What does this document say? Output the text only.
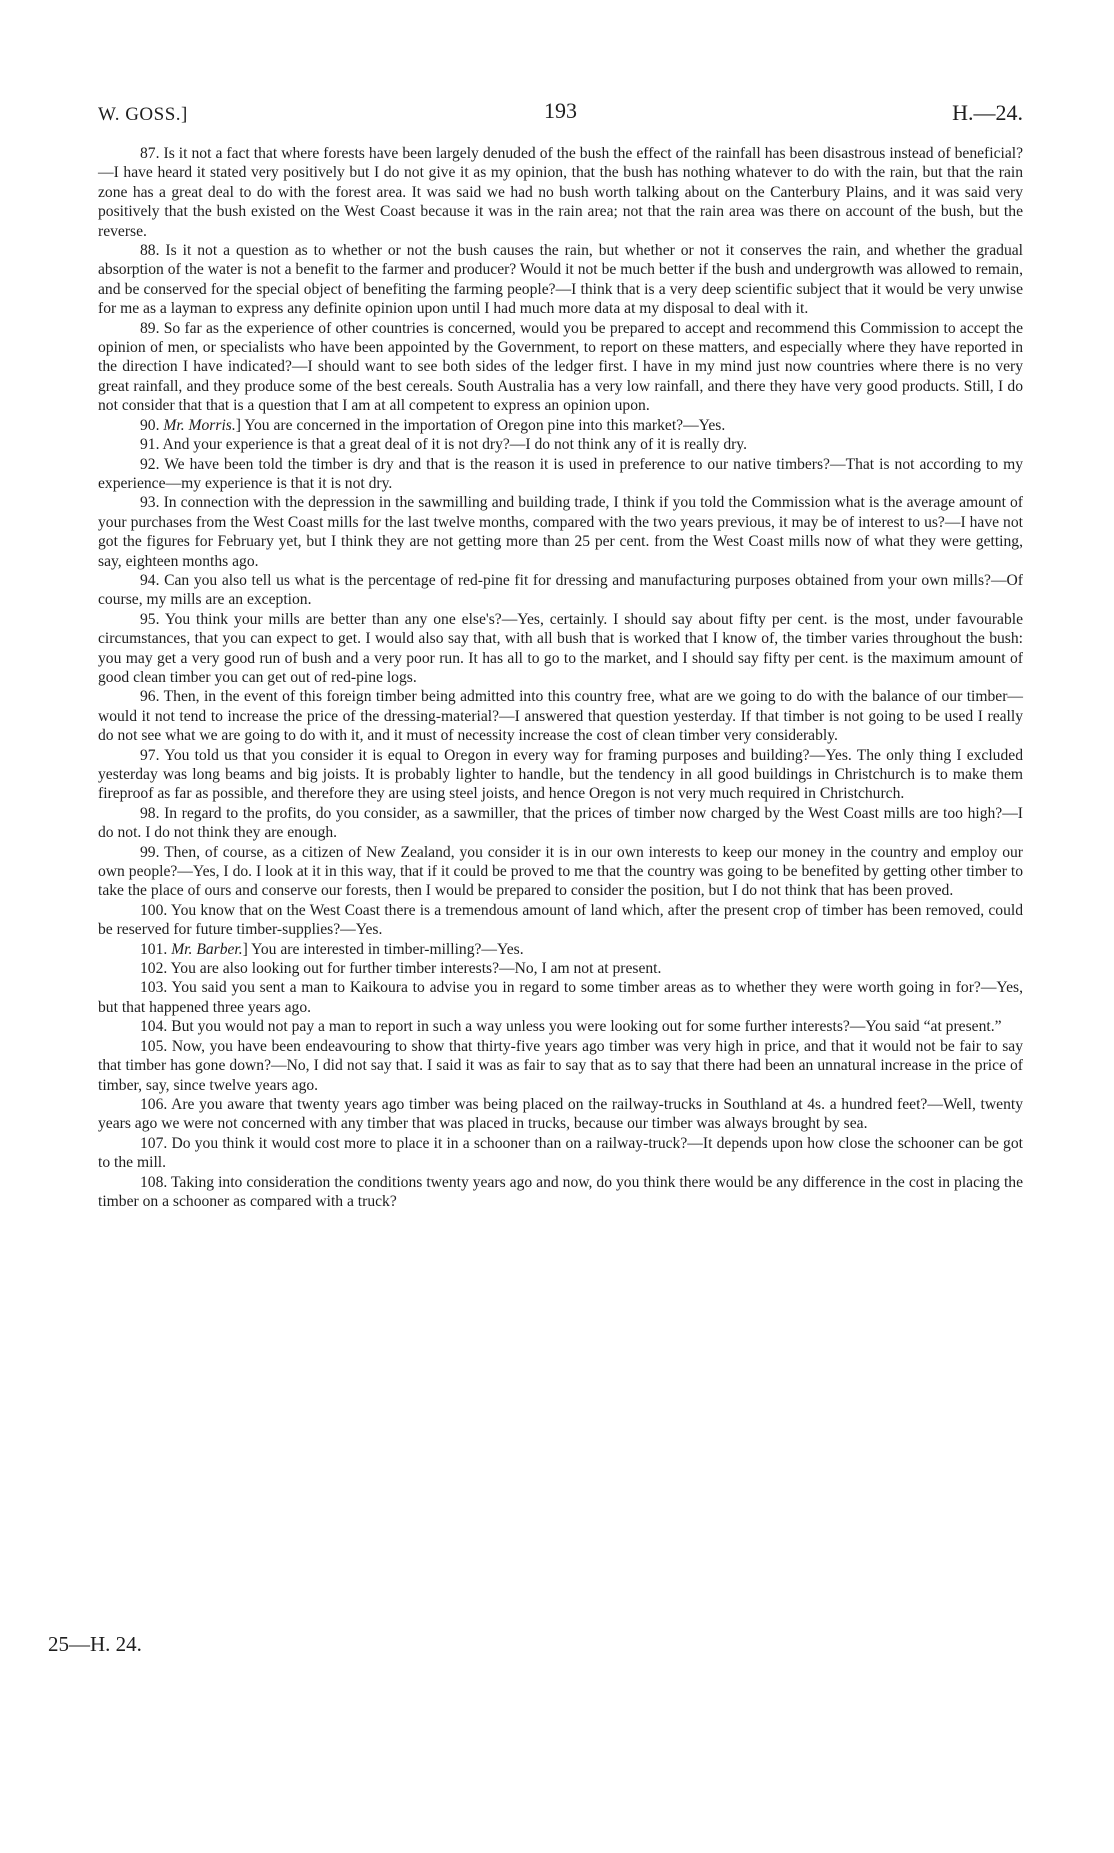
W. GOSS.]	193	H.—24.

87. Is it not a fact that where forests have been largely denuded of the bush the effect of the rainfall has been disastrous instead of beneficial?—I have heard it stated very positively but I do not give it as my opinion, that the bush has nothing whatever to do with the rain, but that the rain zone has a great deal to do with the forest area. It was said we had no bush worth talking about on the Canterbury Plains, and it was said very positively that the bush existed on the West Coast because it was in the rain area; not that the rain area was there on account of the bush, but the reverse.

88. Is it not a question as to whether or not the bush causes the rain, but whether or not it conserves the rain, and whether the gradual absorption of the water is not a benefit to the farmer and producer? Would it not be much better if the bush and undergrowth was allowed to remain, and be conserved for the special object of benefiting the farming people?—I think that is a very deep scientific subject that it would be very unwise for me as a layman to express any definite opinion upon until I had much more data at my disposal to deal with it.

89. So far as the experience of other countries is concerned, would you be prepared to accept and recommend this Commission to accept the opinion of men, or specialists who have been appointed by the Government, to report on these matters, and especially where they have reported in the direction I have indicated?—I should want to see both sides of the ledger first. I have in my mind just now countries where there is no very great rainfall, and they produce some of the best cereals. South Australia has a very low rainfall, and there they have very good products. Still, I do not consider that that is a question that I am at all competent to express an opinion upon.

90. Mr. Morris.] You are concerned in the importation of Oregon pine into this market?—Yes.

91. And your experience is that a great deal of it is not dry?—I do not think any of it is really dry.

92. We have been told the timber is dry and that is the reason it is used in preference to our native timbers?—That is not according to my experience—my experience is that it is not dry.

93. In connection with the depression in the sawmilling and building trade, I think if you told the Commission what is the average amount of your purchases from the West Coast mills for the last twelve months, compared with the two years previous, it may be of interest to us?—I have not got the figures for February yet, but I think they are not getting more than 25 per cent. from the West Coast mills now of what they were getting, say, eighteen months ago.

94. Can you also tell us what is the percentage of red-pine fit for dressing and manufacturing purposes obtained from your own mills?—Of course, my mills are an exception.

95. You think your mills are better than any one else's?—Yes, certainly. I should say about fifty per cent. is the most, under favourable circumstances, that you can expect to get. I would also say that, with all bush that is worked that I know of, the timber varies throughout the bush: you may get a very good run of bush and a very poor run. It has all to go to the market, and I should say fifty per cent. is the maximum amount of good clean timber you can get out of red-pine logs.

96. Then, in the event of this foreign timber being admitted into this country free, what are we going to do with the balance of our timber—would it not tend to increase the price of the dressing-material?—I answered that question yesterday. If that timber is not going to be used I really do not see what we are going to do with it, and it must of necessity increase the cost of clean timber very considerably.

97. You told us that you consider it is equal to Oregon in every way for framing purposes and building?—Yes. The only thing I excluded yesterday was long beams and big joists. It is probably lighter to handle, but the tendency in all good buildings in Christchurch is to make them fireproof as far as possible, and therefore they are using steel joists, and hence Oregon is not very much required in Christchurch.

98. In regard to the profits, do you consider, as a sawmiller, that the prices of timber now charged by the West Coast mills are too high?—I do not. I do not think they are enough.

99. Then, of course, as a citizen of New Zealand, you consider it is in our own interests to keep our money in the country and employ our own people?—Yes, I do. I look at it in this way, that if it could be proved to me that the country was going to be benefited by getting other timber to take the place of ours and conserve our forests, then I would be prepared to consider the position, but I do not think that has been proved.

100. You know that on the West Coast there is a tremendous amount of land which, after the present crop of timber has been removed, could be reserved for future timber-supplies?—Yes.

101. Mr. Barber.] You are interested in timber-milling?—Yes.

102. You are also looking out for further timber interests?—No, I am not at present.

103. You said you sent a man to Kaikoura to advise you in regard to some timber areas as to whether they were worth going in for?—Yes, but that happened three years ago.

104. But you would not pay a man to report in such a way unless you were looking out for some further interests?—You said “at present.”

105. Now, you have been endeavouring to show that thirty-five years ago timber was very high in price, and that it would not be fair to say that timber has gone down?—No, I did not say that. I said it was as fair to say that as to say that there had been an unnatural increase in the price of timber, say, since twelve years ago.

106. Are you aware that twenty years ago timber was being placed on the railway-trucks in Southland at 4s. a hundred feet?—Well, twenty years ago we were not concerned with any timber that was placed in trucks, because our timber was always brought by sea.

107. Do you think it would cost more to place it in a schooner than on a railway-truck?—It depends upon how close the schooner can be got to the mill.

108. Taking into consideration the conditions twenty years ago and now, do you think there would be any difference in the cost in placing the timber on a schooner as compared with a truck?

25—H. 24.
